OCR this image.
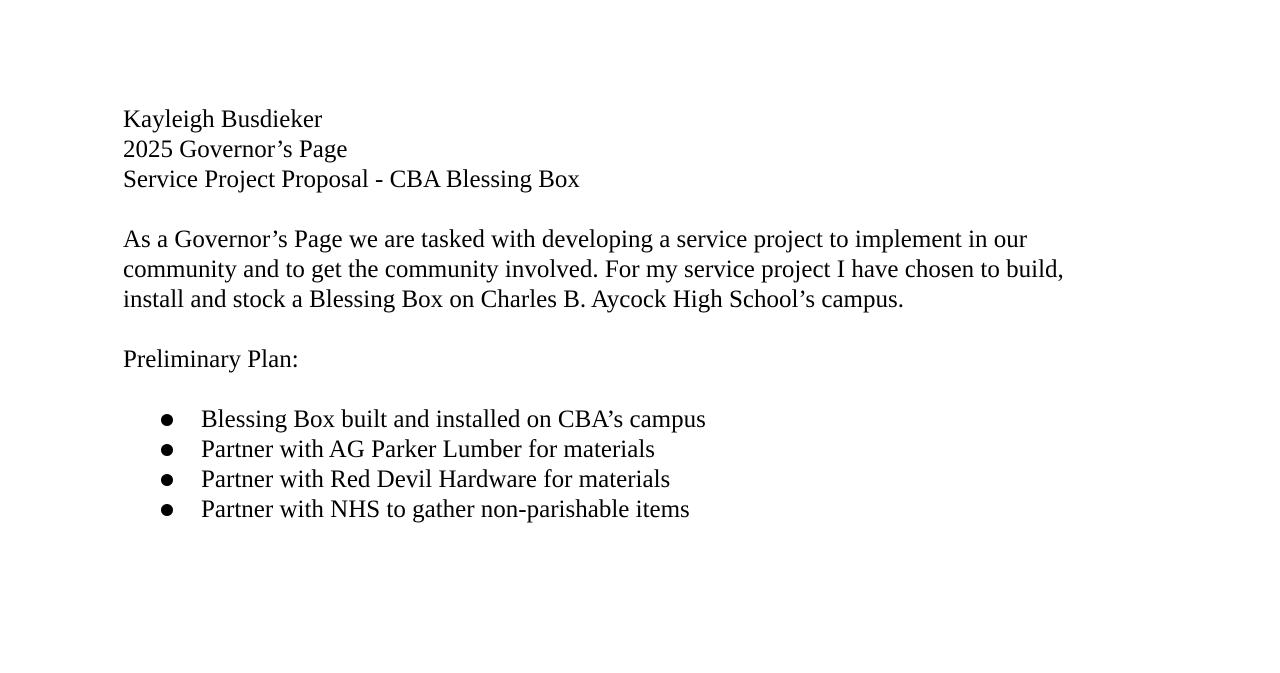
Kayleigh Busdieker
2025 Governor’s Page
Service Project Proposal - CBA Blessing Box
As a Governor’s Page we are tasked with developing a service project to implement in our
community and to get the community involved. For my service project I have chosen to build,
install and stock a Blessing Box on Charles B. Aycock High School’s campus.
Preliminary Plan:
Blessing Box built and installed on CBA’s campus
Partner with AG Parker Lumber for materials
Partner with Red Devil Hardware for materials
Partner with NHS to gather non-parishable items
